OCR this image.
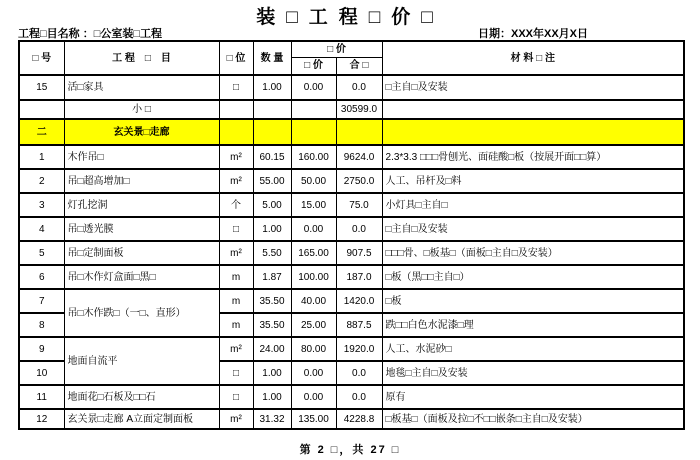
装□工程□价□
工程□目名称 ：□公室装□工程	日期：XXX年XX月X日
□ 号	工 程　□　目	□ 位	数 量	□ 价		材 料 □ 注
				□ 价	合 □	
15	活□家具	□	1.00	0.00	0.0	□主自□及安装
	小 □				30599.0	
二	玄关景□走廊					
1	木作吊□	m²	60.15	160.00	9624.0	2.3*3.3 □□□骨刨光、面硅酸□板（按展开面□□算）
2	吊□超高增加□	m²	55.00	50.00	2750.0	人工、吊杆及□料
3	灯孔挖洞	个	5.00	15.00	75.0	小灯具□主自□
4	吊□透光膜	□	1.00	0.00	0.0	□主自□及安装
5	吊□定制面板	m²	5.50	165.00	907.5	□□□骨、□板基□（面板□主自□及安装）
6	吊□木作灯盒面□黑□	m	1.87	100.00	187.0	□板（黑□□主自□）
7	吊□木作跌□（一□、直形）	m	35.50	40.00	1420.0	□板
8		m	35.50	25.00	887.5	跌□□白色水泥漆□理
9	地面自流平	m²	24.00	80.00	1920.0	人工、水泥砂□
10		□	1.00	0.00	0.0	地毯□主自□及安装
11	地面花□石板及□□石	□	1.00	0.00	0.0	原有
12	玄关景□走廊 A立面定制面板	m²	31.32	135.00	4228.8	□板基□（面板及拉□不□□嵌条□主自□及安装）
第 2 □，共 27 □
